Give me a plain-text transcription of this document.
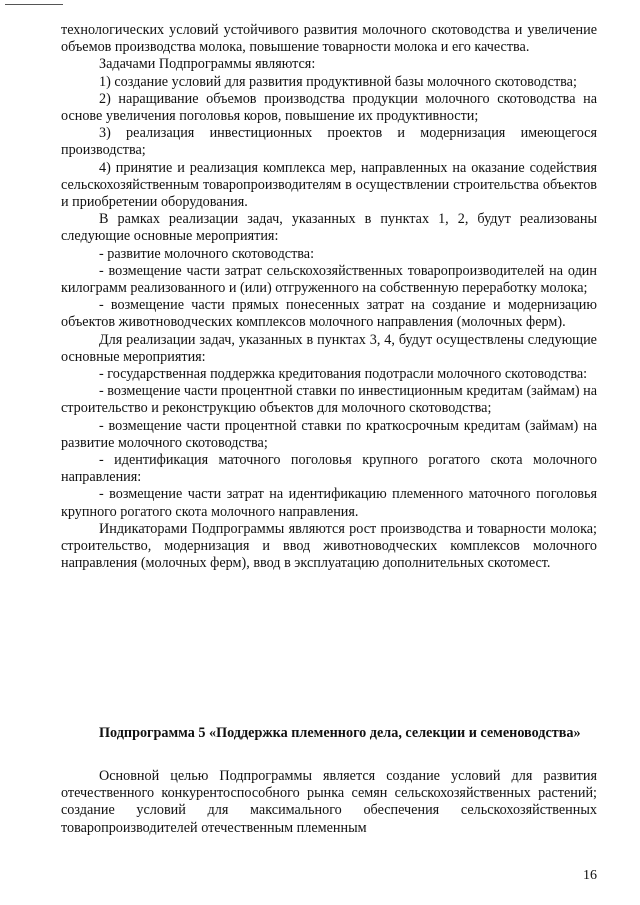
технологических условий устойчивого развития молочного скотоводства и увеличение объемов производства молока, повышение товарности молока и его качества.

Задачами Подпрограммы являются:

1) создание условий для развития продуктивной базы молочного скотоводства;

2) наращивание объемов производства продукции молочного скотоводства на основе увеличения поголовья коров, повышение их продуктивности;

3) реализация инвестиционных проектов и модернизация имеющегося производства;

4) принятие и реализация комплекса мер, направленных на оказание содействия сельскохозяйственным товаропроизводителям в осуществлении строительства объектов и приобретении оборудования.

В рамках реализации задач, указанных в пунктах 1, 2, будут реализованы следующие основные мероприятия:

- развитие молочного скотоводства:

- возмещение части затрат сельскохозяйственных товаропроизводителей на один килограмм реализованного и (или) отгруженного на собственную переработку молока;

- возмещение части прямых понесенных затрат на создание и модернизацию объектов животноводческих комплексов молочного направления (молочных ферм).

Для реализации задач, указанных в пунктах 3, 4, будут осуществлены следующие основные мероприятия:

- государственная поддержка кредитования подотрасли молочного скотоводства:

- возмещение части процентной ставки по инвестиционным кредитам (займам) на строительство и реконструкцию объектов для молочного скотоводства;

- возмещение части процентной ставки по краткосрочным кредитам (займам) на развитие молочного скотоводства;

- идентификация маточного поголовья крупного рогатого скота молочного направления:

- возмещение части затрат на идентификацию племенного маточного поголовья крупного рогатого скота молочного направления.

Индикаторами Подпрограммы являются рост производства и товарности молока; строительство, модернизация и ввод животноводческих комплексов молочного направления (молочных ферм), ввод в эксплуатацию дополнительных скотомест.

Подпрограмма 5 «Поддержка племенного дела, селекции и семеноводства»

Основной целью Подпрограммы является создание условий для развития отечественного конкурентоспособного рынка семян сельскохозяйственных растений; создание условий для максимального обеспечения сельскохозяйственных товаропроизводителей отечественным племенным

16
